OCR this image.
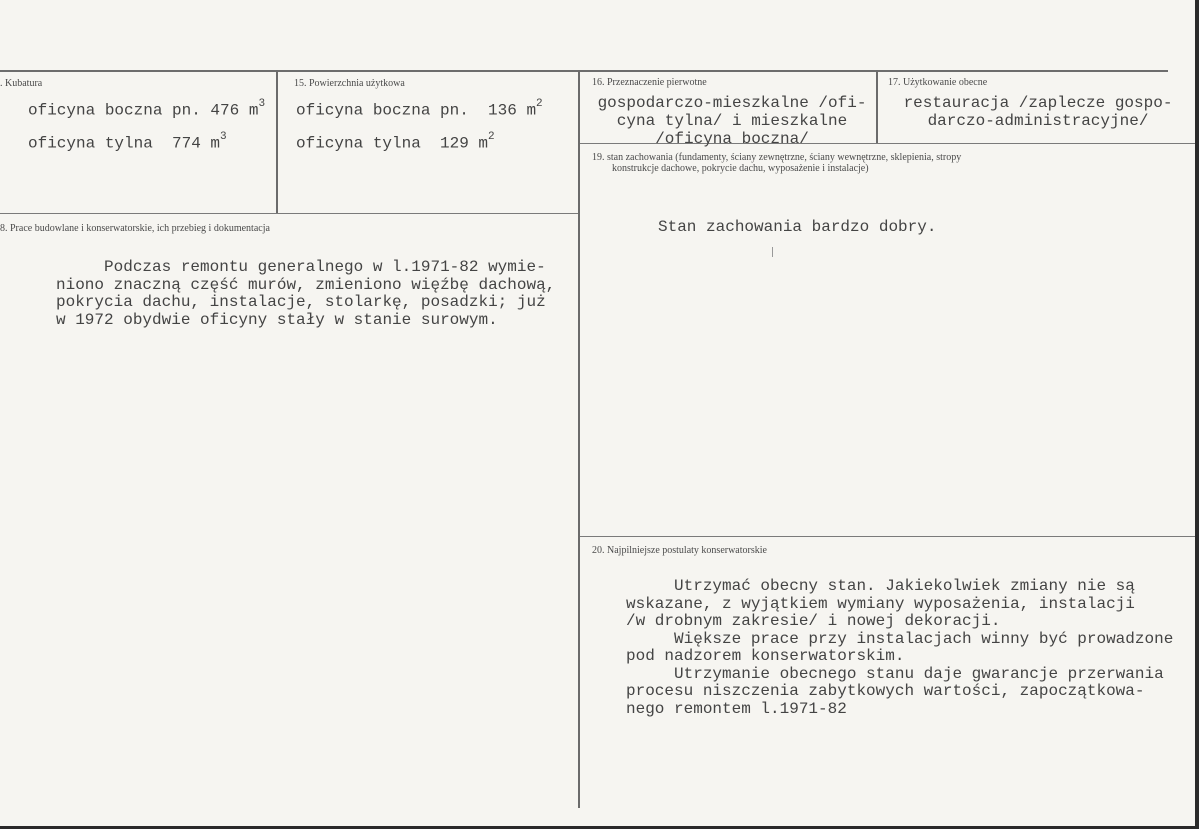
. Kubatura
oficyna boczna pn. 476 $m^3$
oficyna tylna  774 $m^3$
15. Powierzchnia użytkowa
oficyna boczna pn.  136 $m^2$
oficyna tylna  129 $m^2$
16. Przeznaczenie pierwotne
gospodarczo-mieszkalne /ofi-
cyna tylna/ i mieszkalne
/oficyna boczna/
17. Użytkowanie obecne
restauracja /zaplecze gospo-
darczo-administracyjne/
8. Prace budowlane i konserwatorskie, ich przebieg i dokumentacja
Podczas remontu generalnego w l.1971-82 wymie-
niono znaczną część murów, zmieniono więźbę dachową,
pokrycia dachu, instalacje, stolarkę, posadzki; już
w 1972 obydwie oficyny stały w stanie surowym.
19. stan zachowania (fundamenty, ściany zewnętrzne, ściany wewnętrzne, sklepienia, stropy
konstrukcje dachowe, pokrycie dachu, wyposażenie i instalacje)
Stan zachowania bardzo dobry.
20. Najpilniejsze postulaty konserwatorskie
Utrzymać obecny stan. Jakiekolwiek zmiany nie są
wskazane, z wyjątkiem wymiany wyposażenia, instalacji
/w drobnym zakresie/ i nowej dekoracji.
Większe prace przy instalacjach winny być prowadzone
pod nadzorem konserwatorskim.
Utrzymanie obecnego stanu daje gwarancje przerwania
procesu niszczenia zabytkowych wartości, zapoczątkowa-
nego remontem l.1971-82
